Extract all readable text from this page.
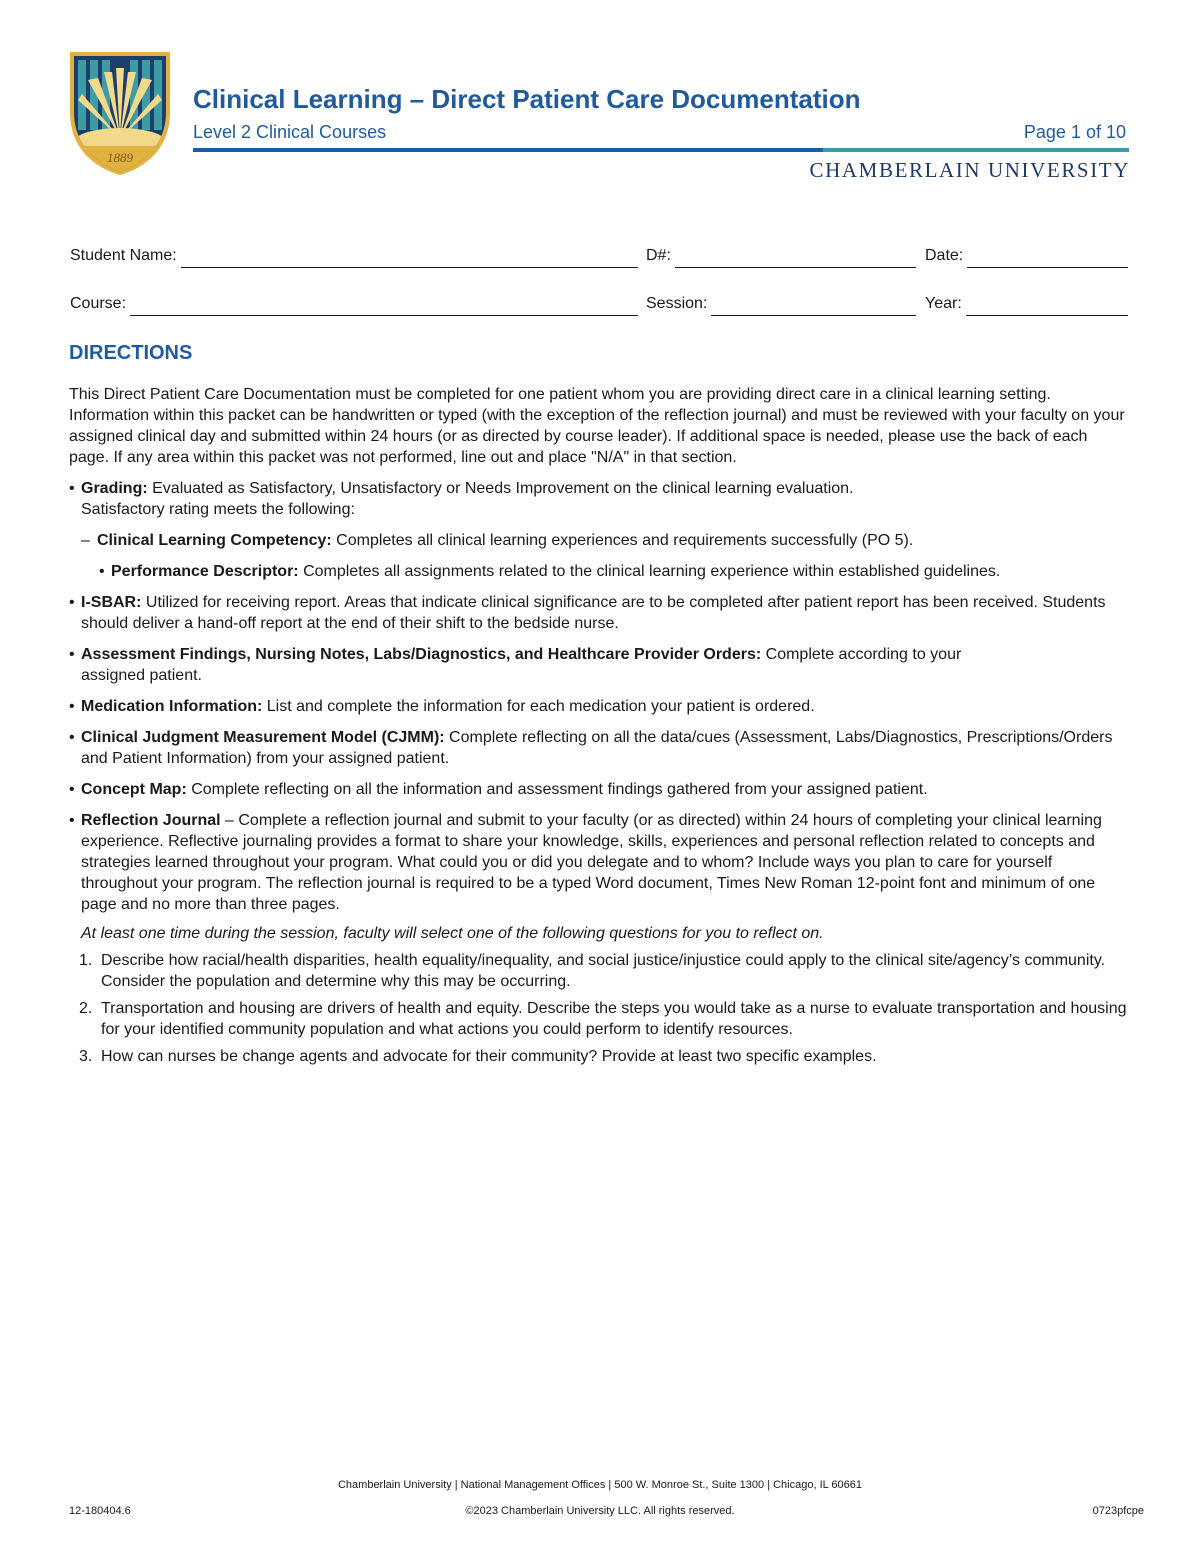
1889
Clinical Learning – Direct Patient Care Documentation
Level 2 Clinical Courses	Page 1 of 10
CHAMBERLAIN UNIVERSITY
Student Name:	D#:	Date:
Course:	Session:	Year:
DIRECTIONS

This Direct Patient Care Documentation must be completed for one patient whom you are providing direct care in a clinical learning setting. Information within this packet can be handwritten or typed (with the exception of the reflection journal) and must be reviewed with your faculty on your assigned clinical day and submitted within 24 hours (or as directed by course leader). If additional space is needed, please use the back of each page. If any area within this packet was not performed, line out and place "N/A" in that section.

• Grading: Evaluated as Satisfactory, Unsatisfactory or Needs Improvement on the clinical learning evaluation.
Satisfactory rating meets the following:
– Clinical Learning Competency: Completes all clinical learning experiences and requirements successfully (PO 5).
• Performance Descriptor: Completes all assignments related to the clinical learning experience within established guidelines.
• I-SBAR: Utilized for receiving report. Areas that indicate clinical significance are to be completed after patient report has been received. Students should deliver a hand-off report at the end of their shift to the bedside nurse.
• Assessment Findings, Nursing Notes, Labs/Diagnostics, and Healthcare Provider Orders: Complete according to your assigned patient.
• Medication Information: List and complete the information for each medication your patient is ordered.
• Clinical Judgment Measurement Model (CJMM): Complete reflecting on all the data/cues (Assessment, Labs/Diagnostics, Prescriptions/Orders and Patient Information) from your assigned patient.
• Concept Map: Complete reflecting on all the information and assessment findings gathered from your assigned patient.
• Reflection Journal – Complete a reflection journal and submit to your faculty (or as directed) within 24 hours of completing your clinical learning experience. Reflective journaling provides a format to share your knowledge, skills, experiences and personal reflection related to concepts and strategies learned throughout your program. What could you or did you delegate and to whom? Include ways you plan to care for yourself throughout your program. The reflection journal is required to be a typed Word document, Times New Roman 12-point font and minimum of one page and no more than three pages.
At least one time during the session, faculty will select one of the following questions for you to reflect on.
1. Describe how racial/health disparities, health equality/inequality, and social justice/injustice could apply to the clinical site/agency’s community. Consider the population and determine why this may be occurring.
2. Transportation and housing are drivers of health and equity. Describe the steps you would take as a nurse to evaluate transportation and housing for your identified community population and what actions you could perform to identify resources.
3. How can nurses be change agents and advocate for their community? Provide at least two specific examples.
Chamberlain University | National Management Offices | 500 W. Monroe St., Suite 1300 | Chicago, IL 60661
12-180404.6	©2023 Chamberlain University LLC. All rights reserved.	0723pfcpe
